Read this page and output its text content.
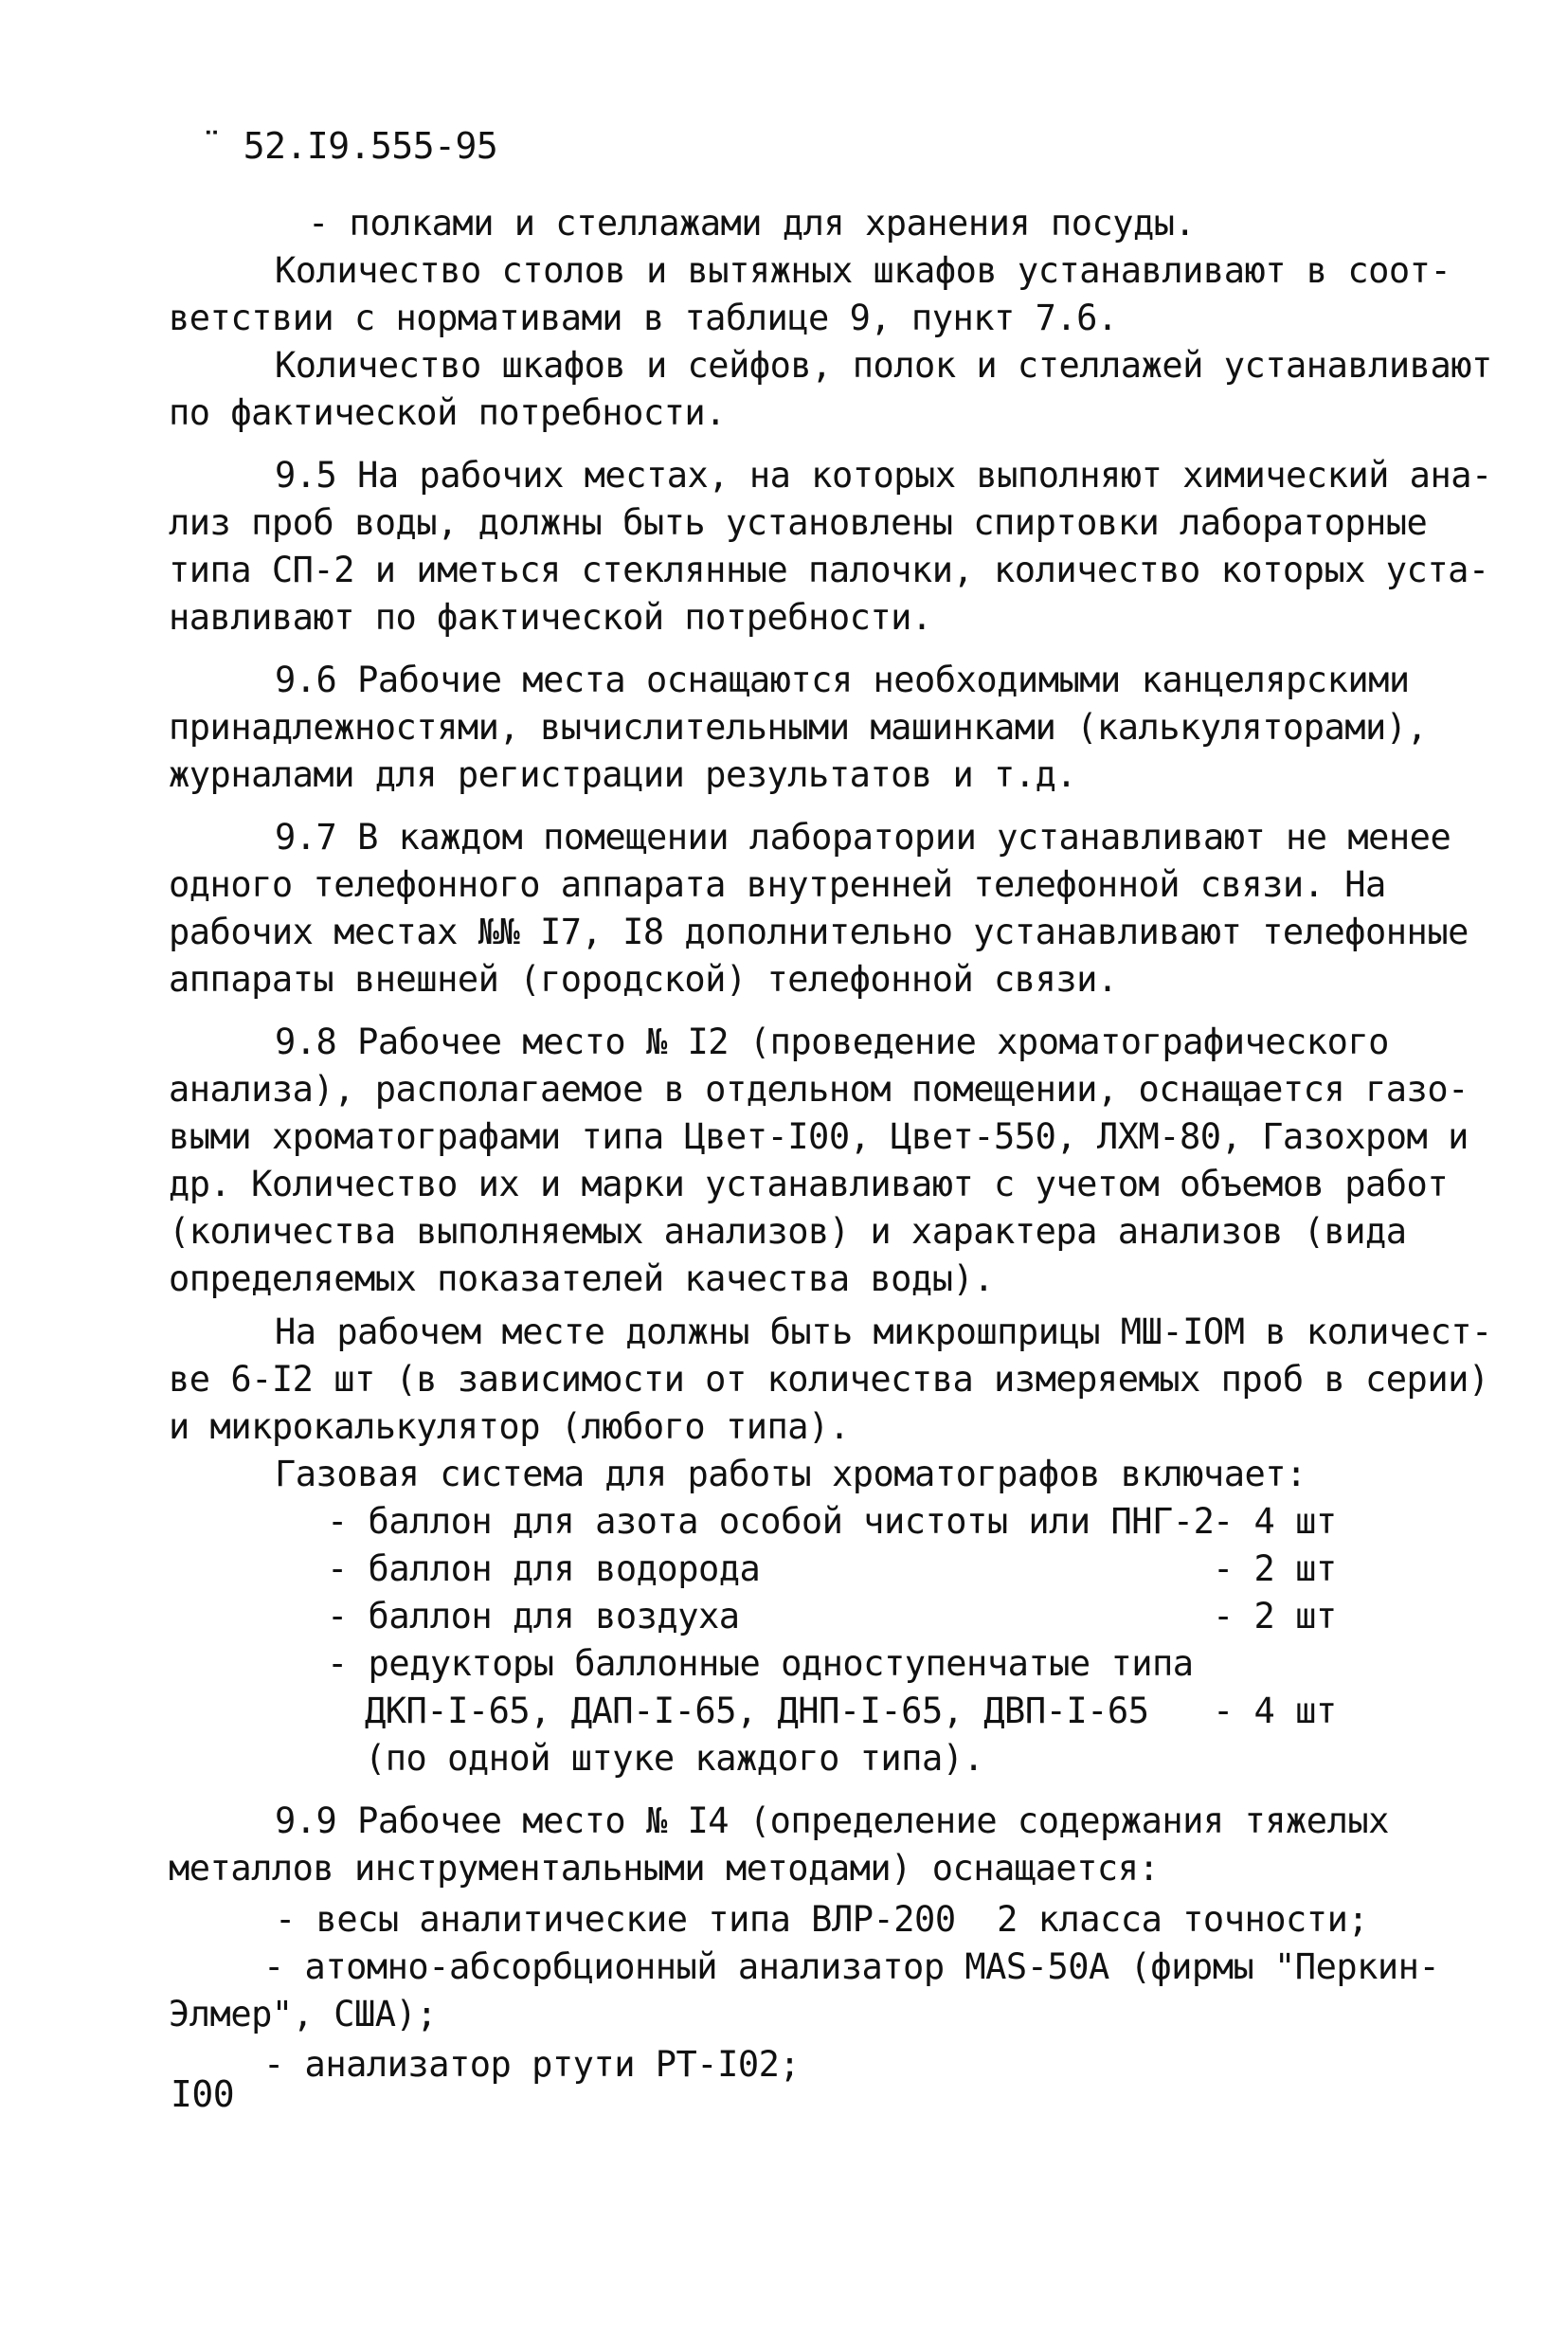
¨ 52.I9.555-95
- полками и стеллажами для хранения посуды.
Количество столов и вытяжных шкафов устанавливают в соот-
ветствии с нормативами в таблице 9, пункт 7.6.
Количество шкафов и сейфов, полок и стеллажей устанавливают
по фактической потребности.
9.5 На рабочих местах, на которых выполняют химический ана-
лиз проб воды, должны быть установлены спиртовки лабораторные
типа СП-2 и иметься стеклянные палочки, количество которых уста-
навливают по фактической потребности.
9.6 Рабочие места оснащаются необходимыми канцелярскими
принадлежностями, вычислительными машинками (калькуляторами),
журналами для регистрации результатов и т.д.
9.7 В каждом помещении лаборатории устанавливают не менее
одного телефонного аппарата внутренней телефонной связи. На
рабочих местах №№ I7, I8 дополнительно устанавливают телефонные
аппараты внешней (городской) телефонной связи.
9.8 Рабочее место № I2 (проведение хроматографического
анализа), располагаемое в отдельном помещении, оснащается газо-
выми хроматографами типа Цвет-I00, Цвет-550, ЛХМ-80, Газохром и
др. Количество их и марки устанавливают с учетом объемов работ
(количества выполняемых анализов) и характера анализов (вида
определяемых показателей качества воды).
На рабочем месте должны быть микрошприцы МШ-IOM в количест-
ве 6-I2 шт (в зависимости от количества измеряемых проб в серии)
и микрокалькулятор (любого типа).
Газовая система для работы хроматографов включает:
- баллон для азота особой чистоты или ПНГ-2
- 4 шт
- баллон для водорода	- 2 шт
- баллон для воздуха	- 2 шт
- редукторы баллонные одноступенчатые типа
ДКП-I-65, ДАП-I-65, ДНП-I-65, ДВП-I-65 - 4 шт
(по одной штуке каждого типа).
9.9 Рабочее место № I4 (определение содержания тяжелых
металлов инструментальными методами) оснащается:
- весы аналитические типа ВЛР-200  2 класса точности;
- атомно-абсорбционный анализатор MAS-50A (фирмы "Перкин-
Элмер", США);
- анализатор ртути РТ-I02;
I00
